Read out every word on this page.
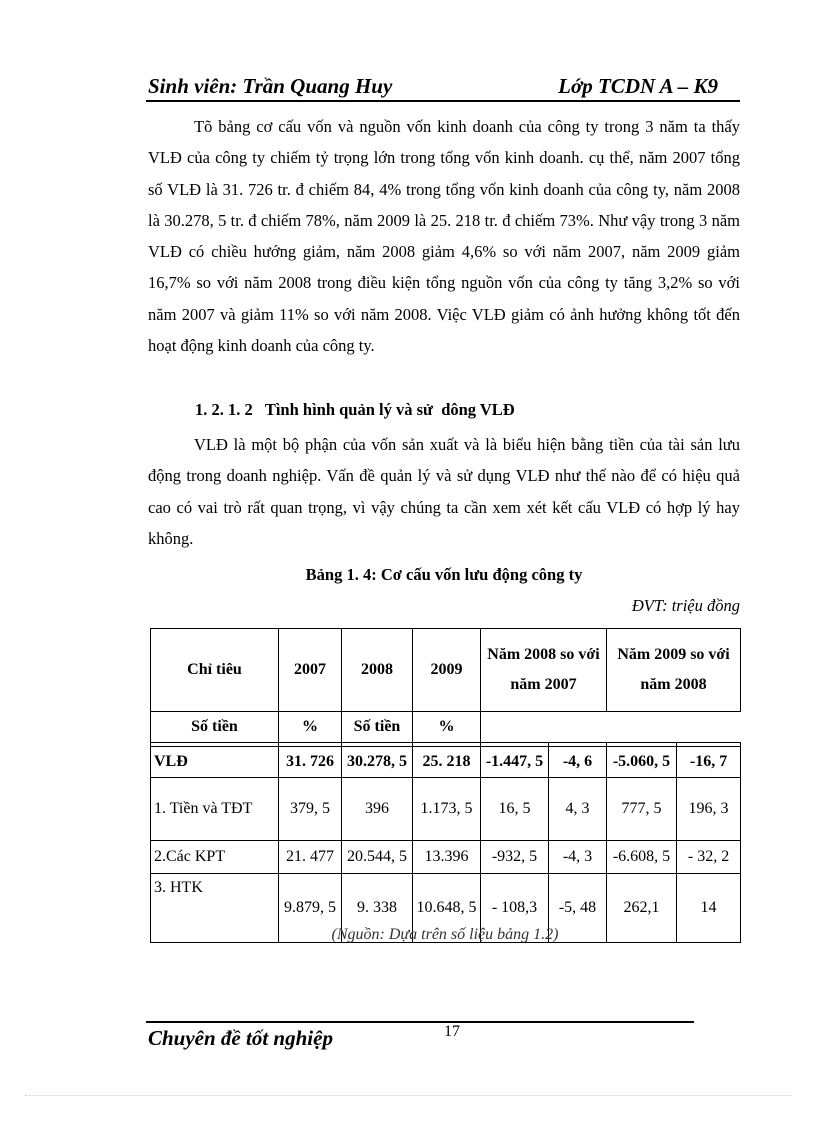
Sinh viên: Trần Quang Huy	Lớp TCDN A – K9

Tõ bảng cơ cấu vốn và nguồn vốn kinh doanh của công ty trong 3 năm ta thấy VLĐ của công ty chiếm tỷ trọng lớn trong tổng vốn kinh doanh. cụ thể, năm 2007 tổng số VLĐ là 31. 726 tr. đ chiếm 84, 4% trong tổng vốn kinh doanh của công ty, năm 2008 là 30.278, 5 tr. đ chiếm 78%, năm 2009 là 25. 218 tr. đ chiếm 73%. Như vậy trong 3 năm VLĐ có chiều hướng giảm, năm 2008 giảm 4,6% so với năm 2007, năm 2009 giảm 16,7% so với năm 2008 trong điều kiện tổng nguồn vốn của công ty tăng 3,2% so với năm 2007 và giảm 11% so với năm 2008. Việc VLĐ giảm có ảnh hưởng không tốt đến hoạt động kinh doanh của công ty.

1. 2. 1. 2   Tình hình quản lý và sử  dông VLĐ

VLĐ là một bộ phận của vốn sản xuất và là biểu hiện bằng tiền của tài sản lưu động trong doanh nghiệp. Vấn đề quản lý và sử dụng VLĐ như thế nào để có hiệu quả cao có vai trò rất quan trọng, vì vậy chúng ta cần xem xét kết cấu VLĐ có hợp lý hay không.

Bảng 1. 4: Cơ cấu vốn lưu động công ty
ĐVT: triệu đồng
Chỉ tiêu	2007	2008	2009	Năm 2008 so với năm 2007		Năm 2009 so với năm 2008	

Số tiền	%	Số tiền	%				

VLĐ	31. 726	30.278, 5	25. 218	-1.447, 5	-4, 6	-5.060, 5	-16, 7
1. Tiền và TĐT	379, 5	396	1.173, 5	16, 5	4, 3	777, 5	196, 3
2.Các KPT	21. 477	20.544, 5	13.396	-932, 5	-4, 3	-6.608, 5	- 32, 2
3. HTK	9.879, 5	9. 338	10.648, 5	- 108,3	-5, 48	262,1	14
(Nguồn: Dựa trên số liệu bảng 1.2)
Chuyên đề tốt nghiệp	17
